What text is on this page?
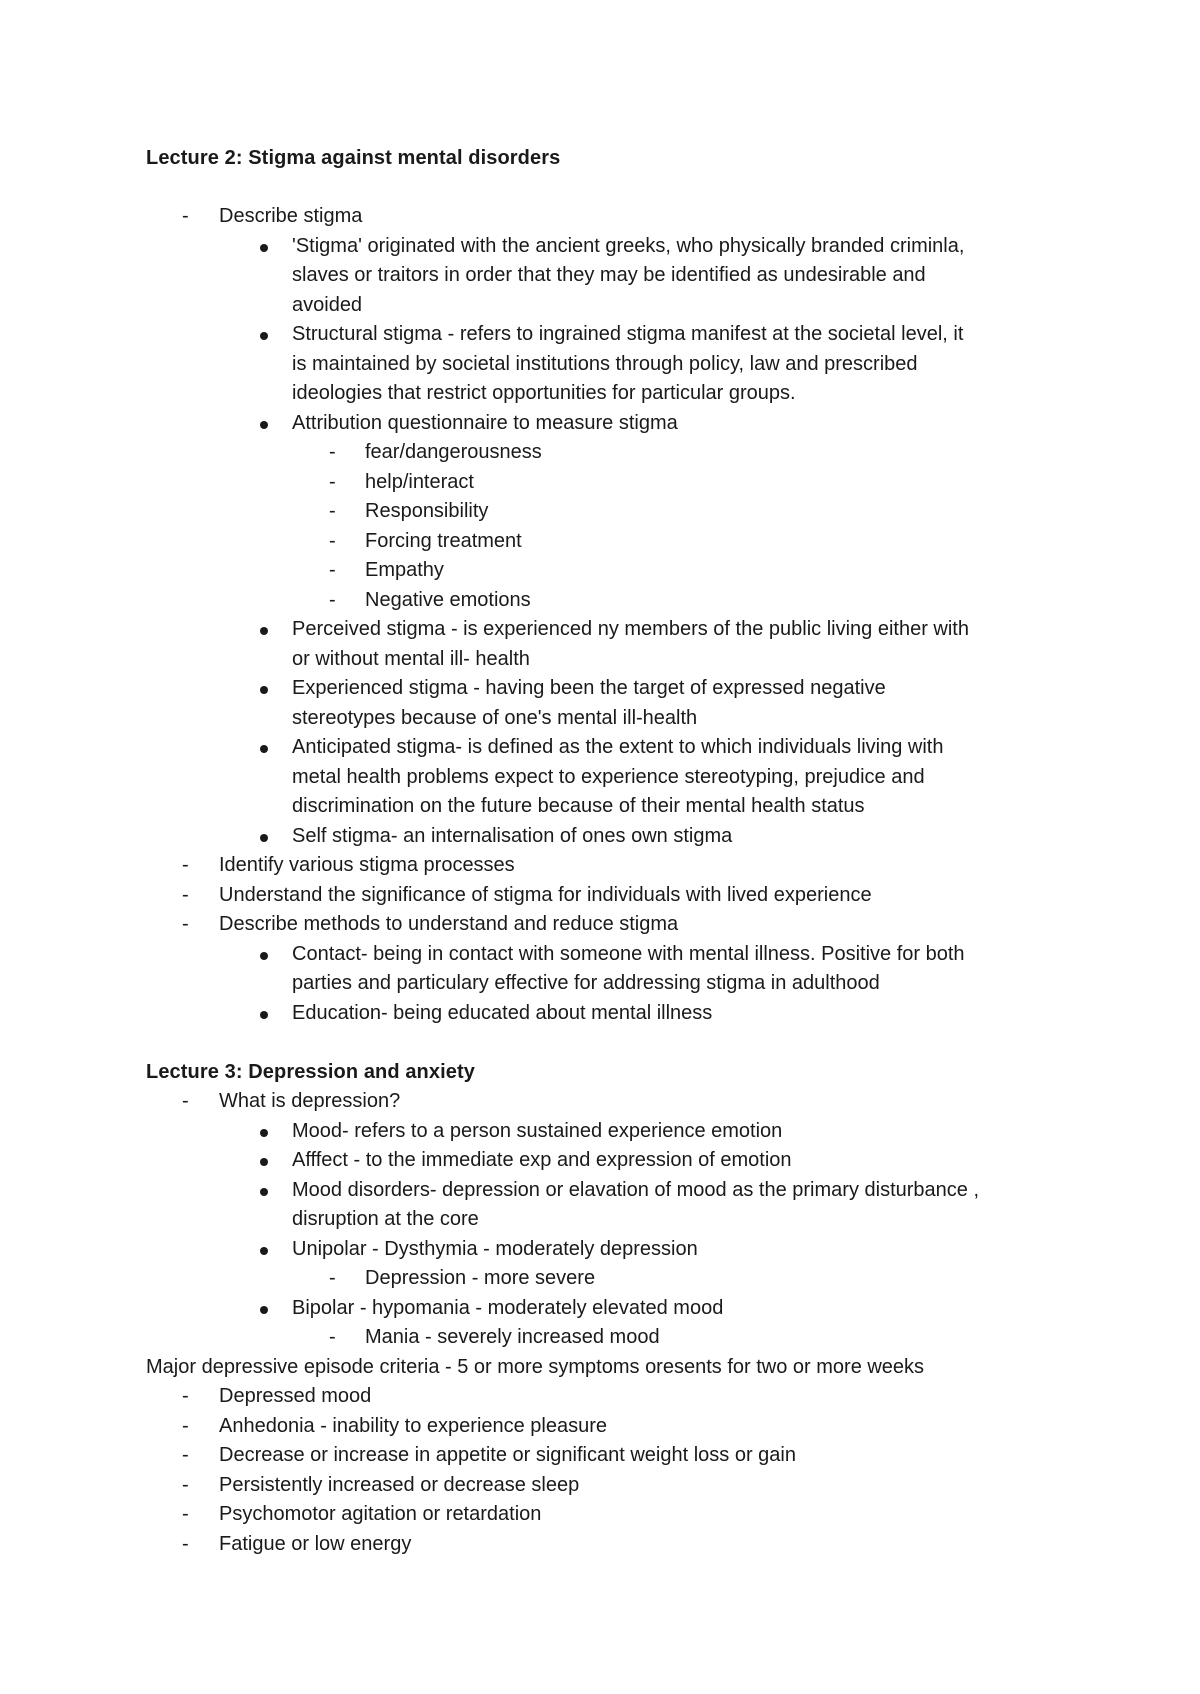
Lecture 2: Stigma against mental disorders
- Describe stigma

'Stigma' originated with the ancient greeks, who physically branded criminla,

slaves or traitors in order that they may be identified as undesirable and

avoided

Structural stigma - refers to ingrained stigma manifest at the societal level, it

is maintained by societal institutions through policy, law and prescribed

ideologies that restrict opportunities for particular groups.

Attribution questionnaire to measure stigma

- fear/dangerousness

- help/interact

- Responsibility

- Forcing treatment

- Empathy

- Negative emotions

Perceived stigma - is experienced ny members of the public living either with

or without mental ill- health

Experienced stigma - having been the target of expressed negative

stereotypes because of one's mental ill-health

Anticipated stigma- is defined as the extent to which individuals living with

metal health problems expect to experience stereotyping, prejudice and

discrimination on the future because of their mental health status

Self stigma- an internalisation of ones own stigma

- Identify various stigma processes

- Understand the significance of stigma for individuals with lived experience

- Describe methods to understand and reduce stigma

Contact- being in contact with someone with mental illness. Positive for both

parties and particulary effective for addressing stigma in adulthood

Education- being educated about mental illness

Lecture 3: Depression and anxiety
- What is depression?

Mood- refers to a person sustained experience emotion

Afffect - to the immediate exp and expression of emotion

Mood disorders- depression or elavation of mood as the primary disturbance ,

disruption at the core

Unipolar - Dysthymia - moderately depression

- Depression - more severe

Bipolar - hypomania - moderately elevated mood

- Mania - severely increased mood

Major depressive episode criteria - 5 or more symptoms oresents for two or more weeks

- Depressed mood

- Anhedonia - inability to experience pleasure

- Decrease or increase in appetite or significant weight loss or gain

- Persistently increased or decrease sleep

- Psychomotor agitation or retardation

- Fatigue or low energy
